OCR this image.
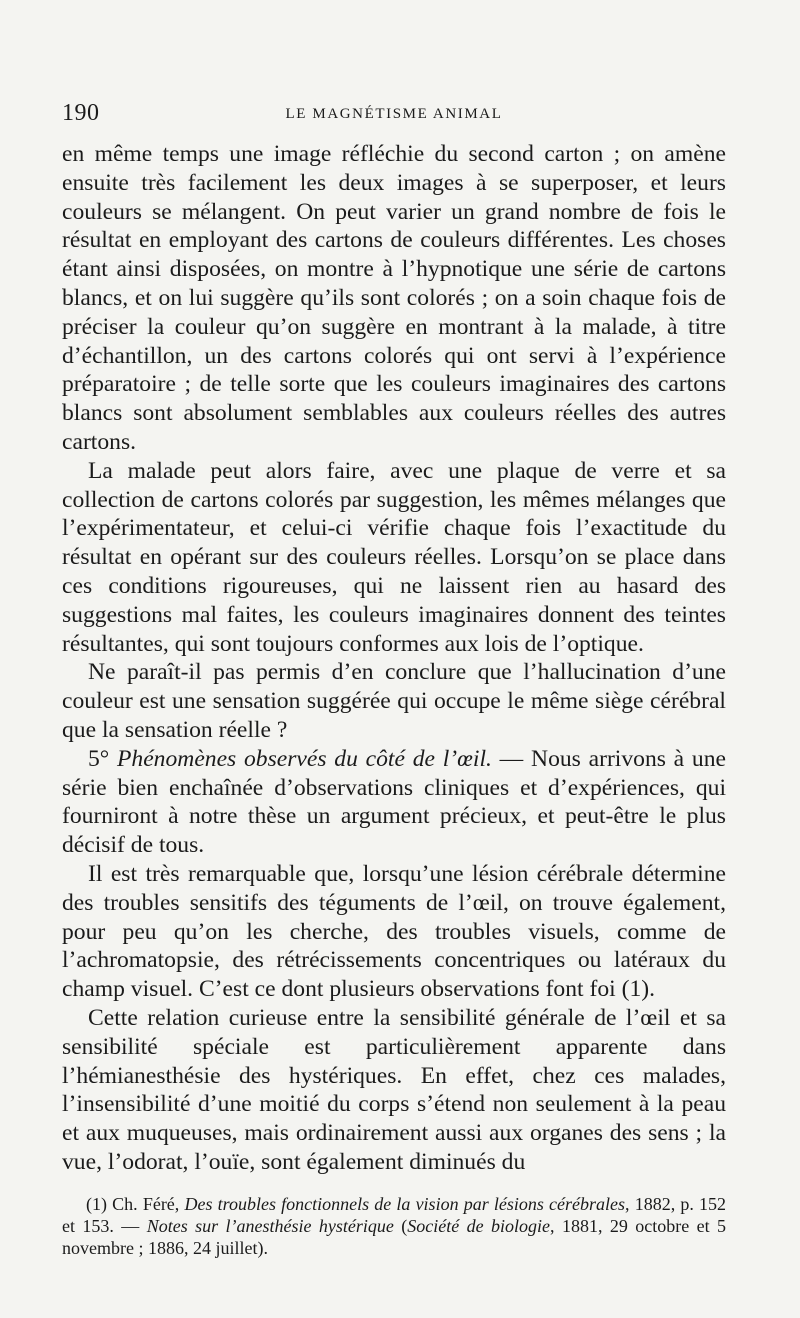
190	LE MAGNÉTISME ANIMAL

en même temps une image réfléchie du second carton ; on amène ensuite très facilement les deux images à se superposer, et leurs couleurs se mélangent. On peut varier un grand nombre de fois le résultat en employant des cartons de couleurs différentes. Les choses étant ainsi disposées, on montre à l’hypnotique une série de cartons blancs, et on lui suggère qu’ils sont colorés ; on a soin chaque fois de préciser la couleur qu’on suggère en montrant à la malade, à titre d’échantillon, un des cartons colorés qui ont servi à l’expérience préparatoire ; de telle sorte que les couleurs imaginaires des cartons blancs sont absolument semblables aux couleurs réelles des autres cartons.

La malade peut alors faire, avec une plaque de verre et sa collection de cartons colorés par suggestion, les mêmes mélanges que l’expérimentateur, et celui-ci vérifie chaque fois l’exactitude du résultat en opérant sur des couleurs réelles. Lorsqu’on se place dans ces conditions rigoureuses, qui ne laissent rien au hasard des suggestions mal faites, les couleurs imaginaires donnent des teintes résultantes, qui sont toujours conformes aux lois de l’optique.

Ne paraît-il pas permis d’en conclure que l’hallucination d’une couleur est une sensation suggérée qui occupe le même siège cérébral que la sensation réelle ?

5° Phénomènes observés du côté de l’œil. — Nous arrivons à une série bien enchaînée d’observations cliniques et d’expériences, qui fourniront à notre thèse un argument précieux, et peut-être le plus décisif de tous.

Il est très remarquable que, lorsqu’une lésion cérébrale détermine des troubles sensitifs des téguments de l’œil, on trouve également, pour peu qu’on les cherche, des troubles visuels, comme de l’achromatopsie, des rétrécissements concentriques ou latéraux du champ visuel. C’est ce dont plusieurs observations font foi (1).

Cette relation curieuse entre la sensibilité générale de l’œil et sa sensibilité spéciale est particulièrement apparente dans l’hémianesthésie des hystériques. En effet, chez ces malades, l’insensibilité d’une moitié du corps s’étend non seulement à la peau et aux muqueuses, mais ordinairement aussi aux organes des sens ; la vue, l’odorat, l’ouïe, sont également diminués du

(1) Ch. Féré, Des troubles fonctionnels de la vision par lésions cérébrales, 1882, p. 152 et 153. — Notes sur l’anesthésie hystérique (Société de biologie, 1881, 29 octobre et 5 novembre ; 1886, 24 juillet).
